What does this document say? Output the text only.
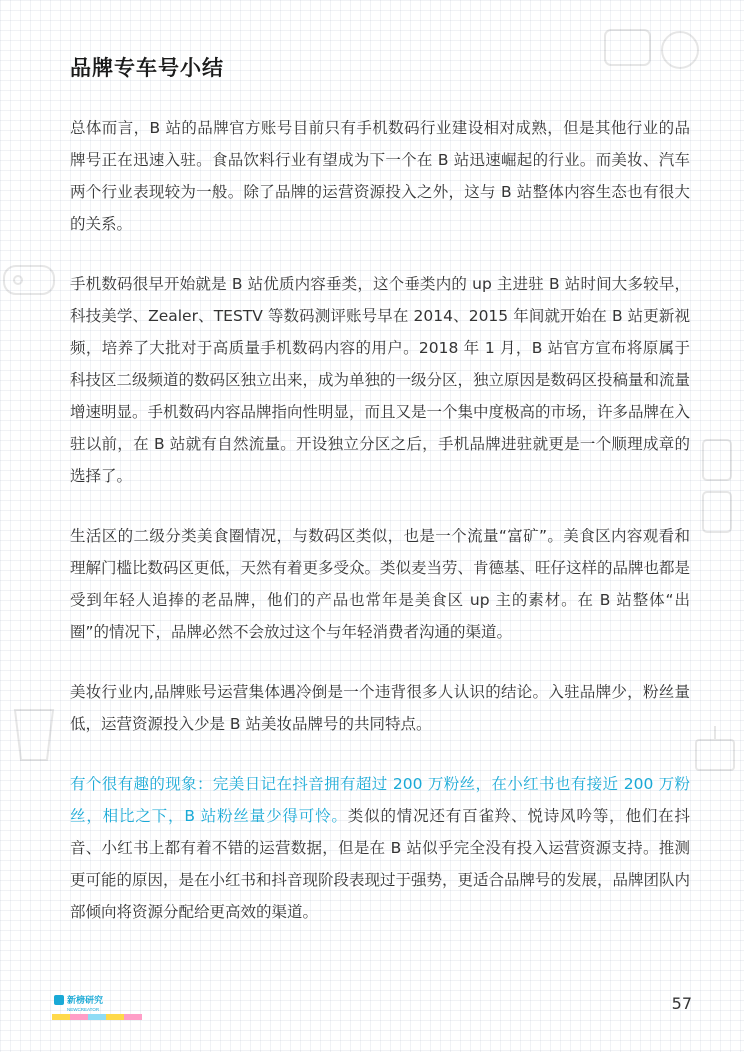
品牌专车号小结

总体而言，B 站的品牌官方账号目前只有手机数码行业建设相对成熟，但是其他行业的品牌号正在迅速入驻。食品饮料行业有望成为下一个在 B 站迅速崛起的行业。而美妆、汽车两个行业表现较为一般。除了品牌的运营资源投入之外，这与 B 站整体内容生态也有很大的关系。

手机数码很早开始就是 B 站优质内容垂类，这个垂类内的 up 主进驻 B 站时间大多较早，科技美学、Zealer、TESTV 等数码测评账号早在 2014、2015 年间就开始在 B 站更新视频，培养了大批对于高质量手机数码内容的用户。2018 年 1 月，B 站官方宣布将原属于科技区二级频道的数码区独立出来，成为单独的一级分区，独立原因是数码区投稿量和流量增速明显。手机数码内容品牌指向性明显，而且又是一个集中度极高的市场，许多品牌在入驻以前，在 B 站就有自然流量。开设独立分区之后，手机品牌进驻就更是一个顺理成章的选择了。

生活区的二级分类美食圈情况，与数码区类似，也是一个流量“富矿”。美食区内容观看和理解门槛比数码区更低，天然有着更多受众。类似麦当劳、肯德基、旺仔这样的品牌也都是受到年轻人追捧的老品牌，他们的产品也常年是美食区 up 主的素材。在 B 站整体“出圈”的情况下，品牌必然不会放过这个与年轻消费者沟通的渠道。

美妆行业内,品牌账号运营集体遇冷倒是一个违背很多人认识的结论。入驻品牌少，粉丝量低，运营资源投入少是 B 站美妆品牌号的共同特点。

有个很有趣的现象：完美日记在抖音拥有超过 200 万粉丝，在小红书也有接近 200 万粉丝，相比之下，B 站粉丝量少得可怜。类似的情况还有百雀羚、悦诗风吟等，他们在抖音、小红书上都有着不错的运营数据，但是在 B 站似乎完全没有投入运营资源支持。推测更可能的原因，是在小红书和抖音现阶段表现过于强势，更适合品牌号的发展，品牌团队内部倾向将资源分配给更高效的渠道。

新榜研究
NEWCREATOR	57
